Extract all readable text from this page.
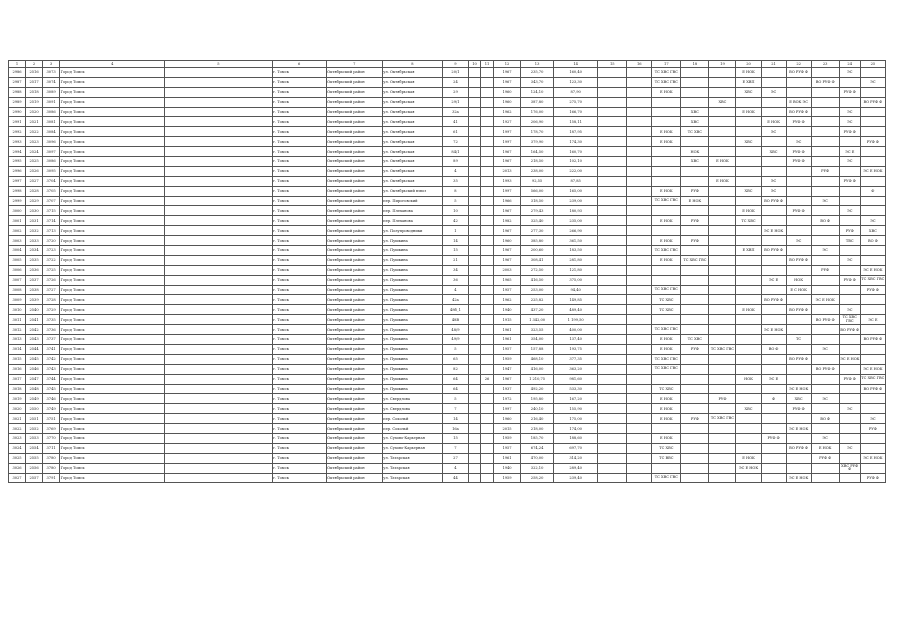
1	2	3	4	5	6	7	8	9	10	11	12	13	14	15	16	17	18	19	20	21	22	23	24	25
2986	2516	3073	Город Томск		г. Томск	Октябрьский район	ул. Октябрьская	20/1			1967	235,70	160,40			ТС ХВС ГВС			Е НОК		ВО РУФ Ф		ЭС	
2987	2517	3074	Город Томск		г. Томск	Октябрьский район	ул. Октябрьская	24			1967	343,70	123,30			ТС ХВС ГВС			Е ХВП			ВО РУФ Ф		ЭС
2988	2518	3089	Город Томск		г. Томск	Октябрьский район	ул. Октябрьская	29			1960	124,10	87,90			Е НОК			ХВС	ЭС			РУФ Ф	
2989	2519	3091	Город Томск		г. Томск	Октябрьский район	ул. Октябрьская	29/1			1960	387,80	275,70					ХВС			Е ВОК ЭС			ВО РУФ Ф
2990	2520	3086	Город Томск		г. Томск	Октябрьский район	ул. Октябрьская	32а			1962	176,00	166,70				ХВС		Е НОК		ВО РУФ Ф		ЭС	
2991	2521	3081	Город Томск		г. Томск	Октябрьский район	ул. Октябрьская	41			1927	206,90	158,11				ХВС			Е НОК	РУФ Ф		ЭС	
2992	2522	3084	Город Томск		г. Томск	Октябрьский район	ул. Октябрьская	61			1997	178,70	187,95			Е НОК	ТС ХВС			ЭС			РУФ Ф	
2993	2523	3096	Город Томск		г. Томск	Октябрьский район	ул. Октябрьская	72			1997	379,90	174,30			Е НОК			ХВС		ЭС			РУФ Ф
2994	2524	3097	Город Томск		г. Томск	Октябрьский район	ул. Октябрьская	84/1			1967	164,50	160,70				НОК			ХВС	РУФ Ф		ЭС Е	
2995	2525	3086	Город Томск		г. Томск	Октябрьский район	ул. Октябрьская	89			1967	218,50	102,10				ХВС	Е НОК			РУФ Ф		ЭС	
2996	2526	3095	Город Томск		г. Томск	Октябрьский район	ул. Октябрьская	4			2013	238,00	222,00									РУФ		ЭС Е НОК
2997	2527	3704	Город Томск		г. Томск	Октябрьский район	ул. Октябрьская	35			1993	92,55	87,85					Е НОК		ЭС			РУФ Ф	
2998	2528	3705	Город Томск		г. Томск	Октябрьский район	ул. Октябрьский взвоз	8			1997	566,00	165,00			Е НОК	РУФ		ХВС	ЭС				Ф
2999	2529	3707	Город Томск		г. Томск	Октябрьский район	пер. Пироговский	5			1966	318,50	239,00			ТС ХВС ГВС	Е НОК			ВО РУФ Ф		ЭС		
3000	2530	3715	Город Томск		г. Томск	Октябрьский район	пер. Плеханова	10			1967	279,43	180,93						Е НОК		РУФ Ф		ЭС	
3001	2531	3714	Город Томск		г. Томск	Октябрьский район	пер. Плеханова	42			1982	325,40	235,00			Е НОК	РУФ		ТС ХВС			ВО Ф		ЭС
3002	2532	3713	Город Томск		г. Томск	Октябрьский район	ул. Полупроводники	1			1967	277,30	266,90							ЭС Е НОК			РУФ	ХВС
3003	2533	3720	Город Томск		г. Томск	Октябрьский район	ул. Пушкина	14			1960	385,80	361,50			Е НОК	РУФ				ЭС		ТВС	ВО Ф
3004	2534	3723	Город Томск		г. Томск	Октябрьский район	ул. Пушкина	15			1967	200,60	183,50			ТС ХВС ГВС			Е ХВП	ВО РУФ Ф		ЭС		
3005	2535	3722	Город Томск		г. Томск	Октябрьский район	ул. Пушкина	21			1967	308,41	281,80			Е НОК	ТС ХВС ГВС				ВО РУФ Ф		ЭС	
3006	2536	3725	Город Томск		г. Томск	Октябрьский район	ул. Пушкина	34			2003	272,50	121,80									РУФ		ЭС Е НОК
3007	2537	3726	Город Томск		г. Томск	Октябрьский район	ул. Пушкина	36			1965	416,50	375,00							ЭС Е	НОК		РУФ Ф	ТС ХВС ГВС
3008	2538	3727	Город Томск		г. Томск	Октябрьский район	ул. Пушкина	4			1957	253,00	94,40			ТС ХВС ГВС					Е С НОК			РУФ Ф
3009	2539	3728	Город Томск		г. Томск	Октябрьский район	ул. Пушкина	42а			1962	225,82	149,85			ТС ХВС				ВО РУФ Ф		ЭС Е НОК		
3010	2540	3729	Город Томск		г. Томск	Октябрьский район	ул. Пушкина	48б_1			1940	437,20	489,40			ТС ХВС			Е НОК		ВО РУФ Ф		ЭС	
3011	2541	3735	Город Томск		г. Томск	Октябрьский район	ул. Пушкина	48В			1915	1 342,00	1 199,50									ВО РУФ Ф	ТС ХВС ГВС	ЭС Е
3012	2542	3736	Город Томск		г. Томск	Октябрьский район	ул. Пушкина	48/9			1961	323,55	400,00			ТС ХВС ГВС				ЭС Е НОК			ВО РУФ Ф	
3013	2543	3737	Город Томск		г. Томск	Октябрьский район	ул. Пушкина	49/9			1961	354,00	137,40			Е НОК	ТС ХВС				ТС			ВО РУФ Ф
3014	2544	3741	Город Томск		г. Томск	Октябрьский район	ул. Пушкина	5			1957	157,88	193,75			Е НОК	РУФ	ТС ХВС ГВС		ВО Ф		ЭС		
3015	2545	3742	Город Томск		г. Томск	Октябрьский район	ул. Пушкина	65			1959	468,10	377,35			ТС ХВС ГВС					ВО РУФ Ф		ЭС Е НОК	
3016	2546	3743	Город Томск		г. Томск	Октябрьский район	ул. Пушкина	82			1947	416,00	363,20			ТС ХВС ГВС						ВО РУФ Ф		ЭС Е НОК
3017	2547	3744	Город Томск		г. Томск	Октябрьский район	ул. Пушкина	64		26	1967	1 210,75	981,60						НОК	ЭС Е			РУФ Ф	ТС ХВС ГВС
3018	2548	3745	Город Томск		г. Томск	Октябрьский район	ул. Пушкина	64			1937	492,20	533,30			ТС ХВС					ЭС Е НОК			ВО РУФ Ф
3019	2549	3746	Город Томск		г. Томск	Октябрьский район	ул. Свердлова	5			1972	195,80	167,20			Е НОК		РУФ		Ф	ХВС	ЭС		
3020	2550	3749	Город Томск		г. Томск	Октябрьский район	ул. Свердлова	7			1997	240,10	155,90			Е НОК			ХВС		РУФ Ф		ЭС	
3021	2551	3751	Город Томск		г. Томск	Октябрьский район	пер. Сокольй	14			1960	216,40	175,00			Е НОК	РУФ	ТС ХВС ГВС				ВО Ф		ЭС
3022	2552	3769	Город Томск		г. Томск	Октябрьский район	пер. Сокольй	16а			2015	218,00	174,00								ЭС Е НОК			РУФ
3023	2553	3770	Город Томск		г. Томск	Октябрьский район	ул. Сухово-Карьерная	15			1959	185,70	188,60			Е НОК				РУФ Ф		ЭС		
3024	2554	3711	Город Томск		г. Томск	Октябрьский район	ул. Сухово-Карьерная	7			1957	674,24	697,70			ТС ХВС					ВО РУФ Ф	Е НОК	ЭС	
3025	2555	3780	Город Томск		г. Томск	Октябрьский район	ул. Татарская	27			1961	470,00	314,20			ТС ВВС			Е НОК			РУФ Ф		ЭС Е НОК
3026	2556	3780	Город Томск		г. Томск	Октябрьский район	ул. Татарская	4			1940	322,10	289,40						ЭС Е НОК				ХВС РУФ Ф	
3027	2557	3791	Город Томск		г. Томск	Октябрьский район	ул. Татарская	44			1959	258,20	239,40			ТС ХВС ГВС					ЭС Е НОК			РУФ Ф
